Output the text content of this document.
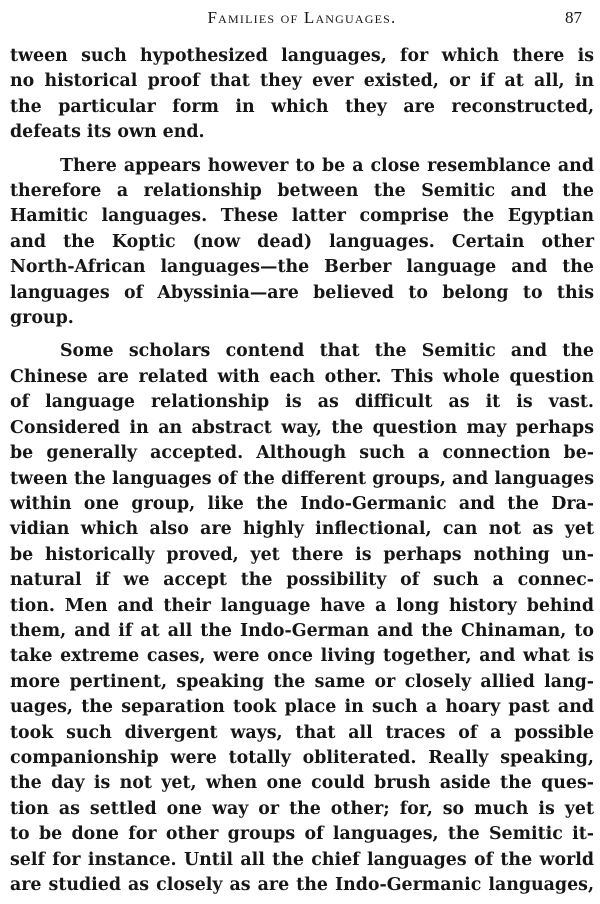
Families of Languages.	87

tween such hypothesized languages, for which there is
no historical proof that they ever existed, or if at all, in
the particular form in which they are reconstructed,
defeats its own end.

There appears however to be a close resemblance and
therefore a relationship between the Semitic and the
Hamitic languages. These latter comprise the Egyptian
and the Koptic (now dead) languages. Certain other
North-African languages—the Berber language and the
languages of Abyssinia—are believed to belong to this
group.

Some scholars contend that the Semitic and the
Chinese are related with each other. This whole question
of language relationship is as difficult as it is vast.
Considered in an abstract way, the question may perhaps
be generally accepted. Although such a connection be-
tween the languages of the different groups, and languages
within one group, like the Indo-Germanic and the Dra-
vidian which also are highly inflectional, can not as yet
be historically proved, yet there is perhaps nothing un-
natural if we accept the possibility of such a connec-
tion. Men and their language have a long history behind
them, and if at all the Indo-German and the Chinaman, to
take extreme cases, were once living together, and what is
more pertinent, speaking the same or closely allied lang-
uages, the separation took place in such a hoary past and
took such divergent ways, that all traces of a possible
companionship were totally obliterated. Really speaking,
the day is not yet, when one could brush aside the ques-
tion as settled one way or the other; for, so much is yet
to be done for other groups of languages, the Semitic it-
self for instance. Until all the chief languages of the world
are studied as closely as are the Indo-Germanic languages,
